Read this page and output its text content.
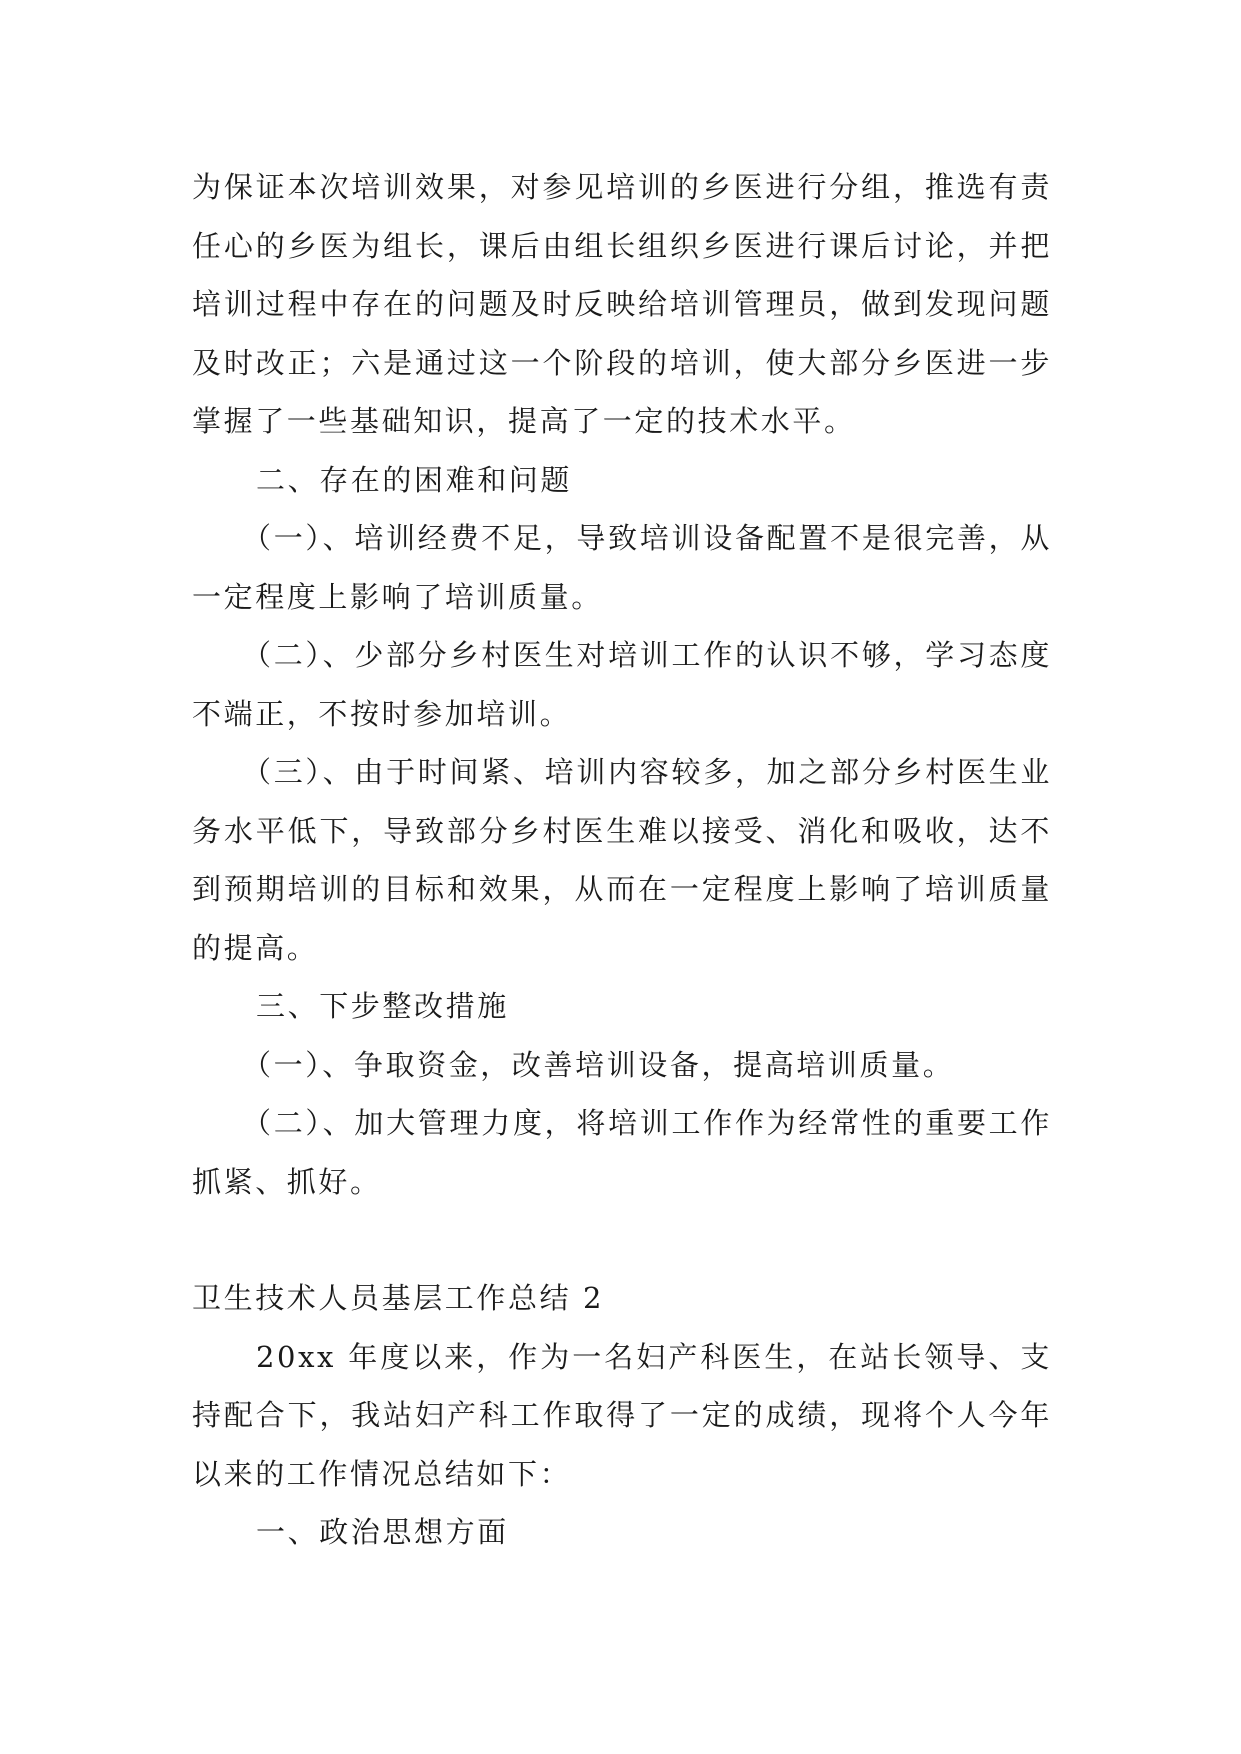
为保证本次培训效果，对参见培训的乡医进行分组，推选有责任心的乡医为组长，课后由组长组织乡医进行课后讨论，并把培训过程中存在的问题及时反映给培训管理员，做到发现问题及时改正；六是通过这一个阶段的培训，使大部分乡医进一步掌握了一些基础知识，提高了一定的技术水平。

二、存在的困难和问题

（一）、培训经费不足，导致培训设备配置不是很完善，从一定程度上影响了培训质量。

（二）、少部分乡村医生对培训工作的认识不够，学习态度不端正，不按时参加培训。

（三）、由于时间紧、培训内容较多，加之部分乡村医生业务水平低下，导致部分乡村医生难以接受、消化和吸收，达不到预期培训的目标和效果，从而在一定程度上影响了培训质量的提高。

三、下步整改措施

（一）、争取资金，改善培训设备，提高培训质量。

（二）、加大管理力度，将培训工作作为经常性的重要工作抓紧、抓好。

卫生技术人员基层工作总结 2

20xx 年度以来，作为一名妇产科医生，在站长领导、支持配合下，我站妇产科工作取得了一定的成绩，现将个人今年以来的工作情况总结如下：

一、政治思想方面
